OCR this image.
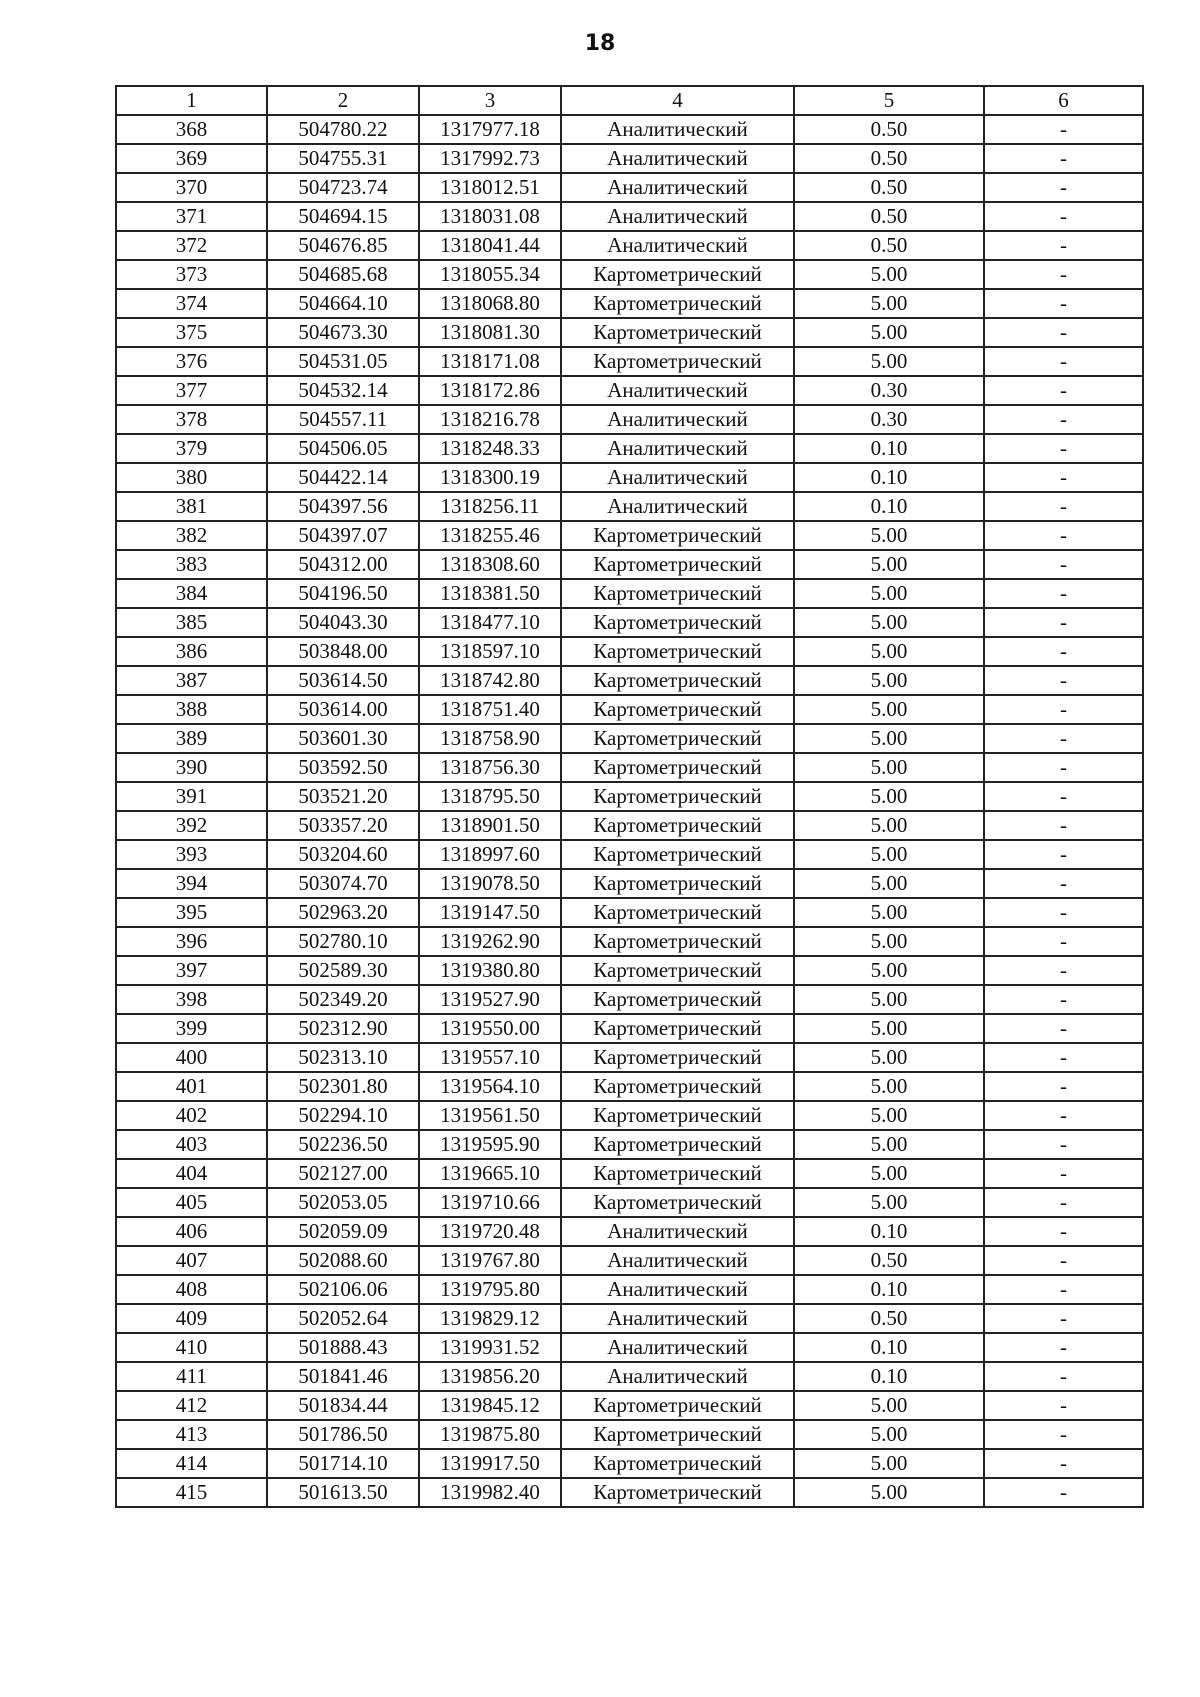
18
1	2	3	4	5	6
368	504780.22	1317977.18	Аналитический	0.50	-
369	504755.31	1317992.73	Аналитический	0.50	-
370	504723.74	1318012.51	Аналитический	0.50	-
371	504694.15	1318031.08	Аналитический	0.50	-
372	504676.85	1318041.44	Аналитический	0.50	-
373	504685.68	1318055.34	Картометрический	5.00	-
374	504664.10	1318068.80	Картометрический	5.00	-
375	504673.30	1318081.30	Картометрический	5.00	-
376	504531.05	1318171.08	Картометрический	5.00	-
377	504532.14	1318172.86	Аналитический	0.30	-
378	504557.11	1318216.78	Аналитический	0.30	-
379	504506.05	1318248.33	Аналитический	0.10	-
380	504422.14	1318300.19	Аналитический	0.10	-
381	504397.56	1318256.11	Аналитический	0.10	-
382	504397.07	1318255.46	Картометрический	5.00	-
383	504312.00	1318308.60	Картометрический	5.00	-
384	504196.50	1318381.50	Картометрический	5.00	-
385	504043.30	1318477.10	Картометрический	5.00	-
386	503848.00	1318597.10	Картометрический	5.00	-
387	503614.50	1318742.80	Картометрический	5.00	-
388	503614.00	1318751.40	Картометрический	5.00	-
389	503601.30	1318758.90	Картометрический	5.00	-
390	503592.50	1318756.30	Картометрический	5.00	-
391	503521.20	1318795.50	Картометрический	5.00	-
392	503357.20	1318901.50	Картометрический	5.00	-
393	503204.60	1318997.60	Картометрический	5.00	-
394	503074.70	1319078.50	Картометрический	5.00	-
395	502963.20	1319147.50	Картометрический	5.00	-
396	502780.10	1319262.90	Картометрический	5.00	-
397	502589.30	1319380.80	Картометрический	5.00	-
398	502349.20	1319527.90	Картометрический	5.00	-
399	502312.90	1319550.00	Картометрический	5.00	-
400	502313.10	1319557.10	Картометрический	5.00	-
401	502301.80	1319564.10	Картометрический	5.00	-
402	502294.10	1319561.50	Картометрический	5.00	-
403	502236.50	1319595.90	Картометрический	5.00	-
404	502127.00	1319665.10	Картометрический	5.00	-
405	502053.05	1319710.66	Картометрический	5.00	-
406	502059.09	1319720.48	Аналитический	0.10	-
407	502088.60	1319767.80	Аналитический	0.50	-
408	502106.06	1319795.80	Аналитический	0.10	-
409	502052.64	1319829.12	Аналитический	0.50	-
410	501888.43	1319931.52	Аналитический	0.10	-
411	501841.46	1319856.20	Аналитический	0.10	-
412	501834.44	1319845.12	Картометрический	5.00	-
413	501786.50	1319875.80	Картометрический	5.00	-
414	501714.10	1319917.50	Картометрический	5.00	-
415	501613.50	1319982.40	Картометрический	5.00	-
